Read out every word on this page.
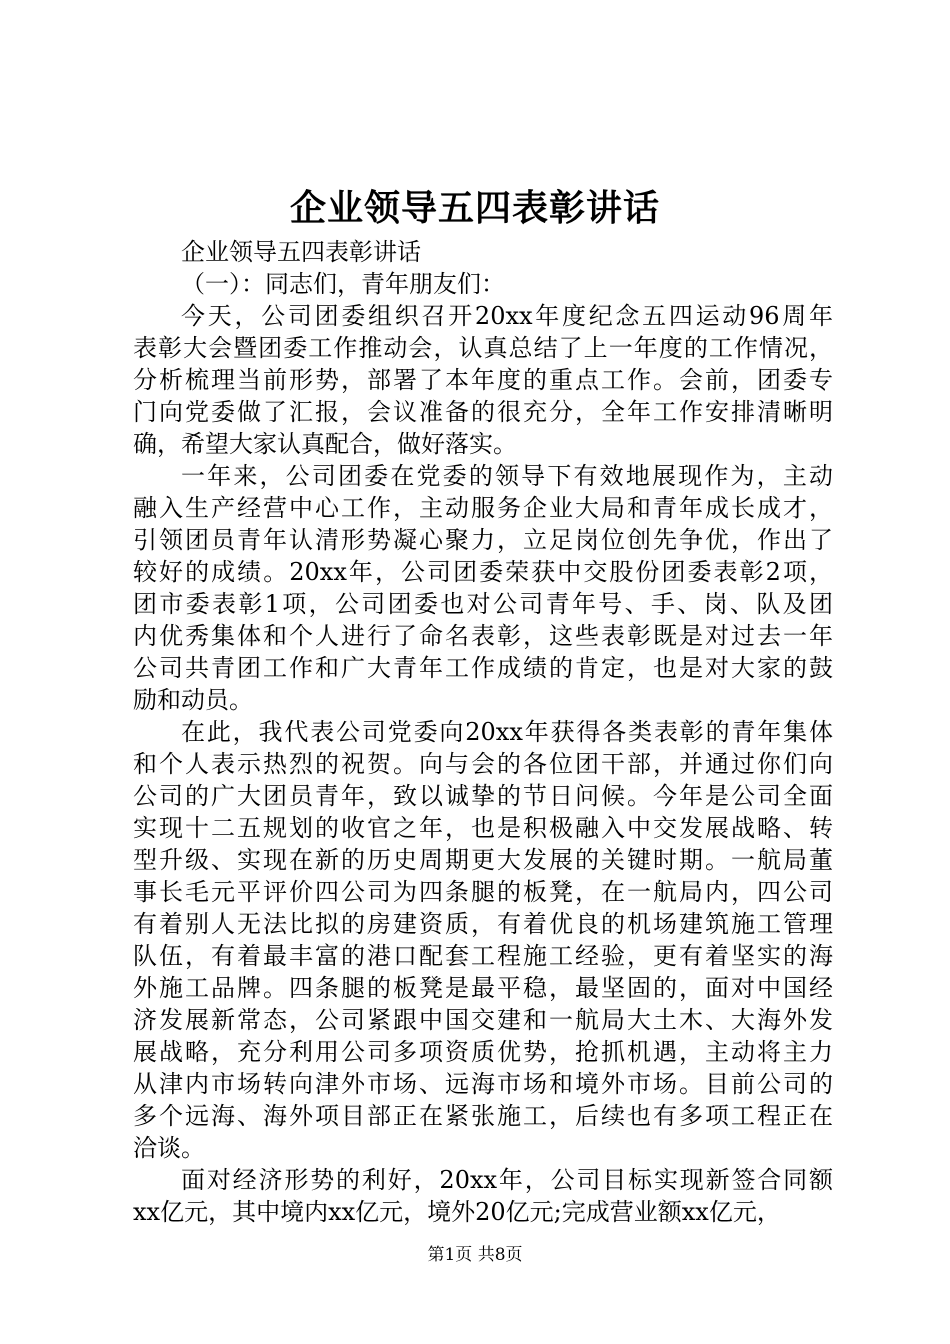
企业领导五四表彰讲话

企业领导五四表彰讲话

（一）：同志们，青年朋友们：

今天，公司团委组织召开20xx年度纪念五四运动96周年
表彰大会暨团委工作推动会，认真总结了上一年度的工作情况，
分析梳理当前形势，部署了本年度的重点工作。会前，团委专
门向党委做了汇报，会议准备的很充分，全年工作安排清晰明
确，希望大家认真配合，做好落实。

一年来，公司团委在党委的领导下有效地展现作为，主动
融入生产经营中心工作，主动服务企业大局和青年成长成才，
引领团员青年认清形势凝心聚力，立足岗位创先争优，作出了
较好的成绩。20xx年，公司团委荣获中交股份团委表彰2项，
团市委表彰1项，公司团委也对公司青年号、手、岗、队及团
内优秀集体和个人进行了命名表彰，这些表彰既是对过去一年
公司共青团工作和广大青年工作成绩的肯定，也是对大家的鼓
励和动员。

在此，我代表公司党委向20xx年获得各类表彰的青年集体
和个人表示热烈的祝贺。向与会的各位团干部，并通过你们向
公司的广大团员青年，致以诚挚的节日问候。今年是公司全面
实现十二五规划的收官之年，也是积极融入中交发展战略、转
型升级、实现在新的历史周期更大发展的关键时期。一航局董
事长毛元平评价四公司为四条腿的板凳，在一航局内，四公司
有着别人无法比拟的房建资质，有着优良的机场建筑施工管理
队伍，有着最丰富的港口配套工程施工经验，更有着坚实的海
外施工品牌。四条腿的板凳是最平稳，最坚固的，面对中国经
济发展新常态，公司紧跟中国交建和一航局大土木、大海外发
展战略，充分利用公司多项资质优势，抢抓机遇，主动将主力
从津内市场转向津外市场、远海市场和境外市场。目前公司的
多个远海、海外项目部正在紧张施工，后续也有多项工程正在
洽谈。

面对经济形势的利好，20xx年，公司目标实现新签合同额
xx亿元，其中境内xx亿元，境外20亿元;完成营业额xx亿元，

第1页 共8页
